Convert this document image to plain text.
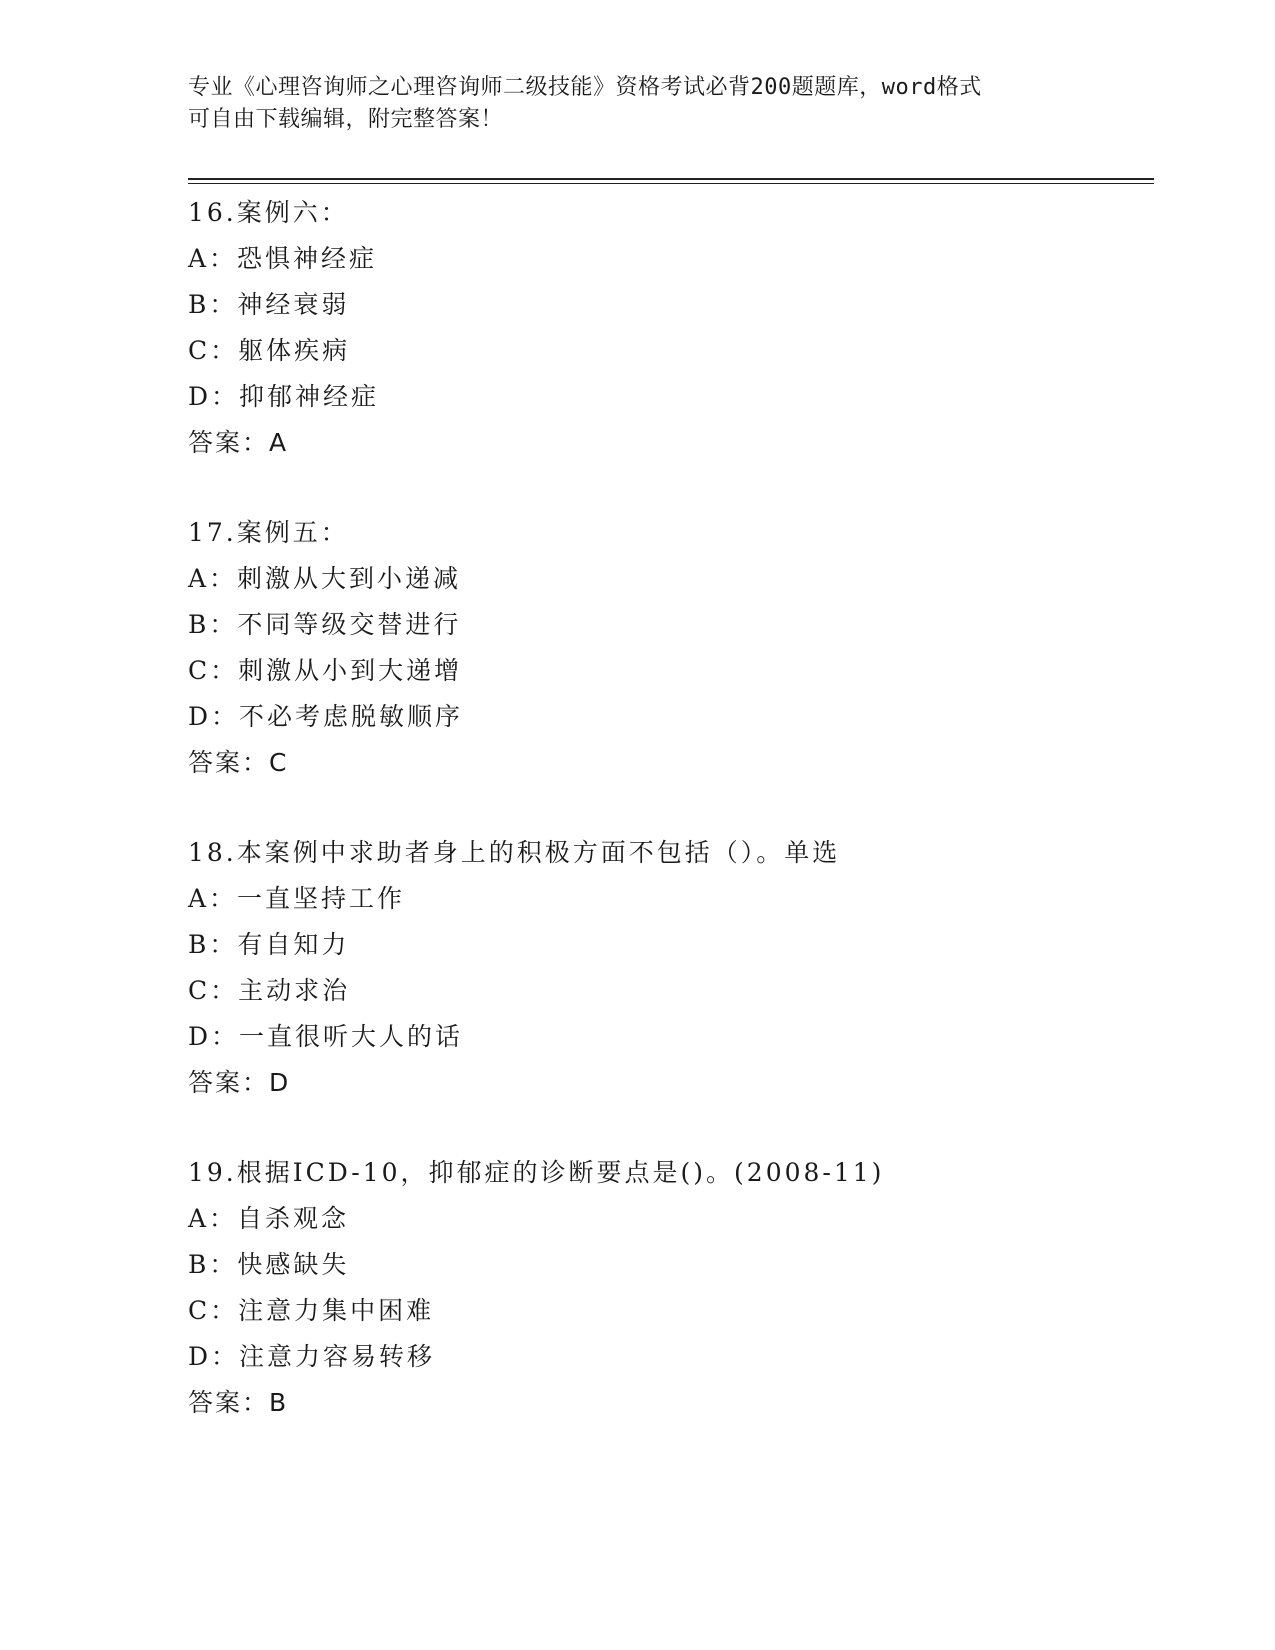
专业《心理咨询师之心理咨询师二级技能》资格考试必背200题题库，word格式
可自由下载编辑，附完整答案！
16.案例六：
A：恐惧神经症
B：神经衰弱
C：躯体疾病
D：抑郁神经症
答案：A
17.案例五：
A：刺激从大到小递减
B：不同等级交替进行
C：刺激从小到大递增
D：不必考虑脱敏顺序
答案：C
18.本案例中求助者身上的积极方面不包括（）。单选
A：一直坚持工作
B：有自知力
C：主动求治
D：一直很听大人的话
答案：D
19.根据ICD-10，抑郁症的诊断要点是()。(2008-11)
A：自杀观念
B：快感缺失
C：注意力集中困难
D：注意力容易转移
答案：B
